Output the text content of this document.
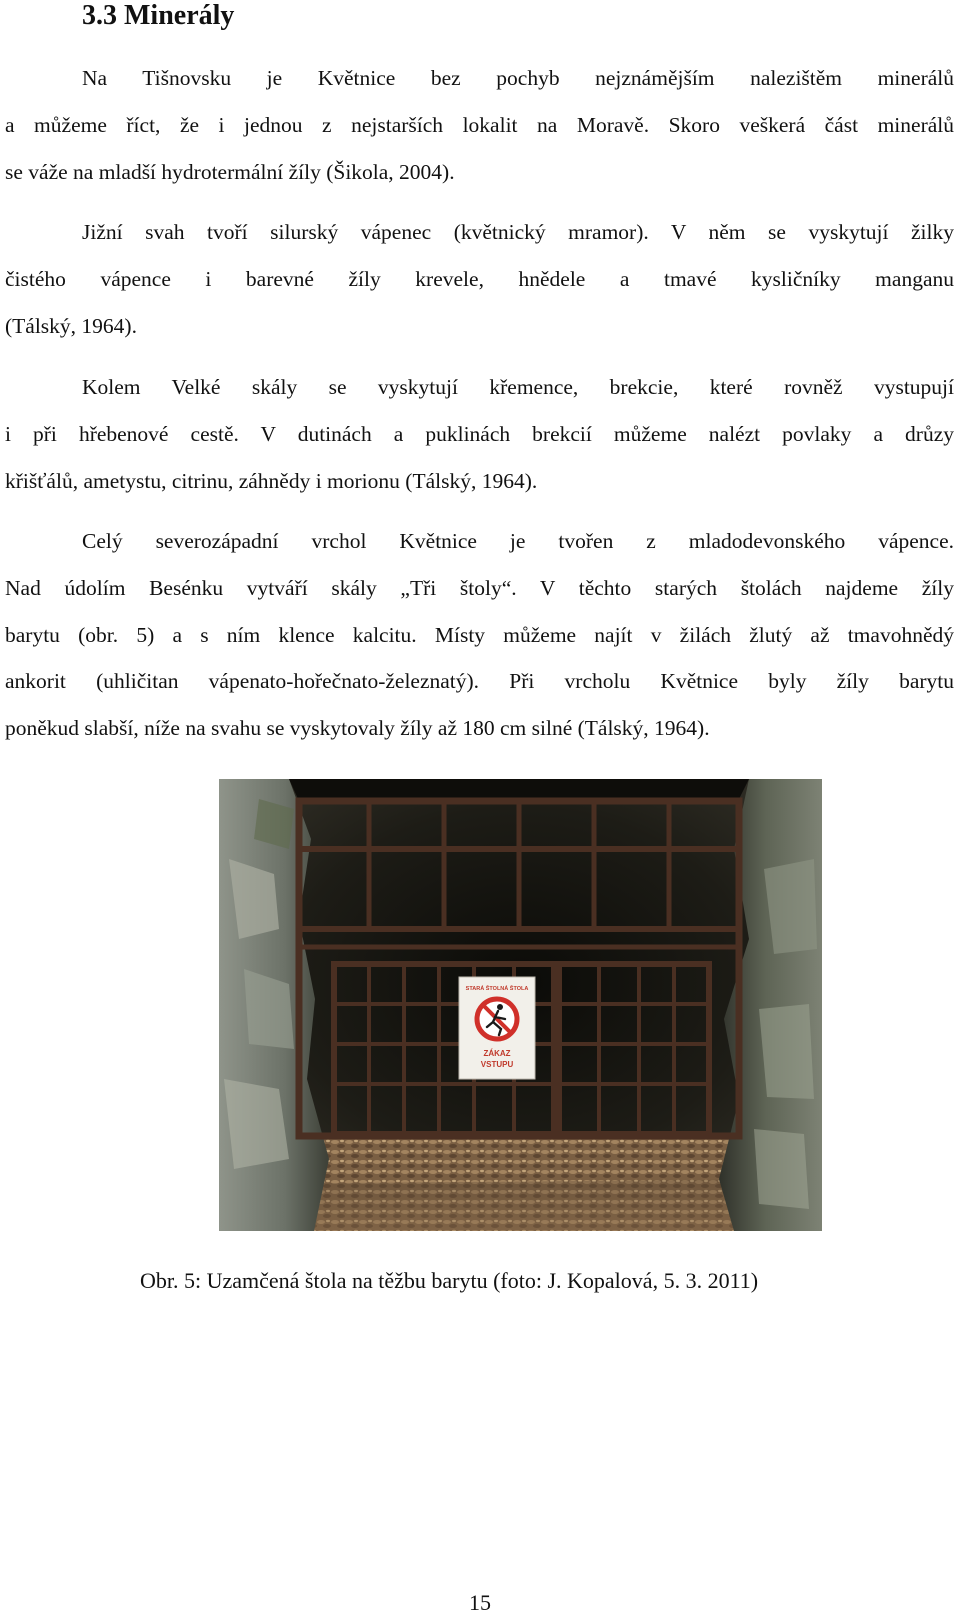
3.3 Minerály

Na Tišnovsku je Květnice bez pochyb nejznámějším nalezištěm minerálů

a můžeme říct, že i jednou z nejstarších lokalit na Moravě. Skoro veškerá část minerálů

se váže na mladší hydrotermální žíly (Šikola, 2004).

Jižní svah tvoří silurský vápenec (květnický mramor). V něm se vyskytují žilky

čistého vápence i barevné žíly krevele, hnědele a tmavé kysličníky manganu

(Tálský, 1964).

Kolem Velké skály se vyskytují křemence, brekcie, které rovněž vystupují

i při hřebenové cestě. V dutinách a puklinách brekcií můžeme nalézt povlaky a drůzy

křišťálů, ametystu, citrinu, záhnědy i morionu (Tálský, 1964).

Celý severozápadní vrchol Květnice je tvořen z mladodevonského vápence.

Nad údolím Besénku vytváří skály „Tři štoly“. V těchto starých štolách najdeme žíly

barytu (obr. 5) a s ním klence kalcitu. Místy můžeme najít v žilách žlutý až tmavohnědý

ankorit (uhličitan vápenato-hořečnato-železnatý). Při vrcholu Květnice byly žíly barytu

poněkud slabší, níže na svahu se vyskytovaly žíly až 180 cm silné (Tálský, 1964).

STARÁ ŠTOLNÁ ŠTOLA
ZÁKAZ
VSTUPU

Obr. 5: Uzamčená štola na těžbu barytu (foto: J. Kopalová, 5. 3. 2011)

15
